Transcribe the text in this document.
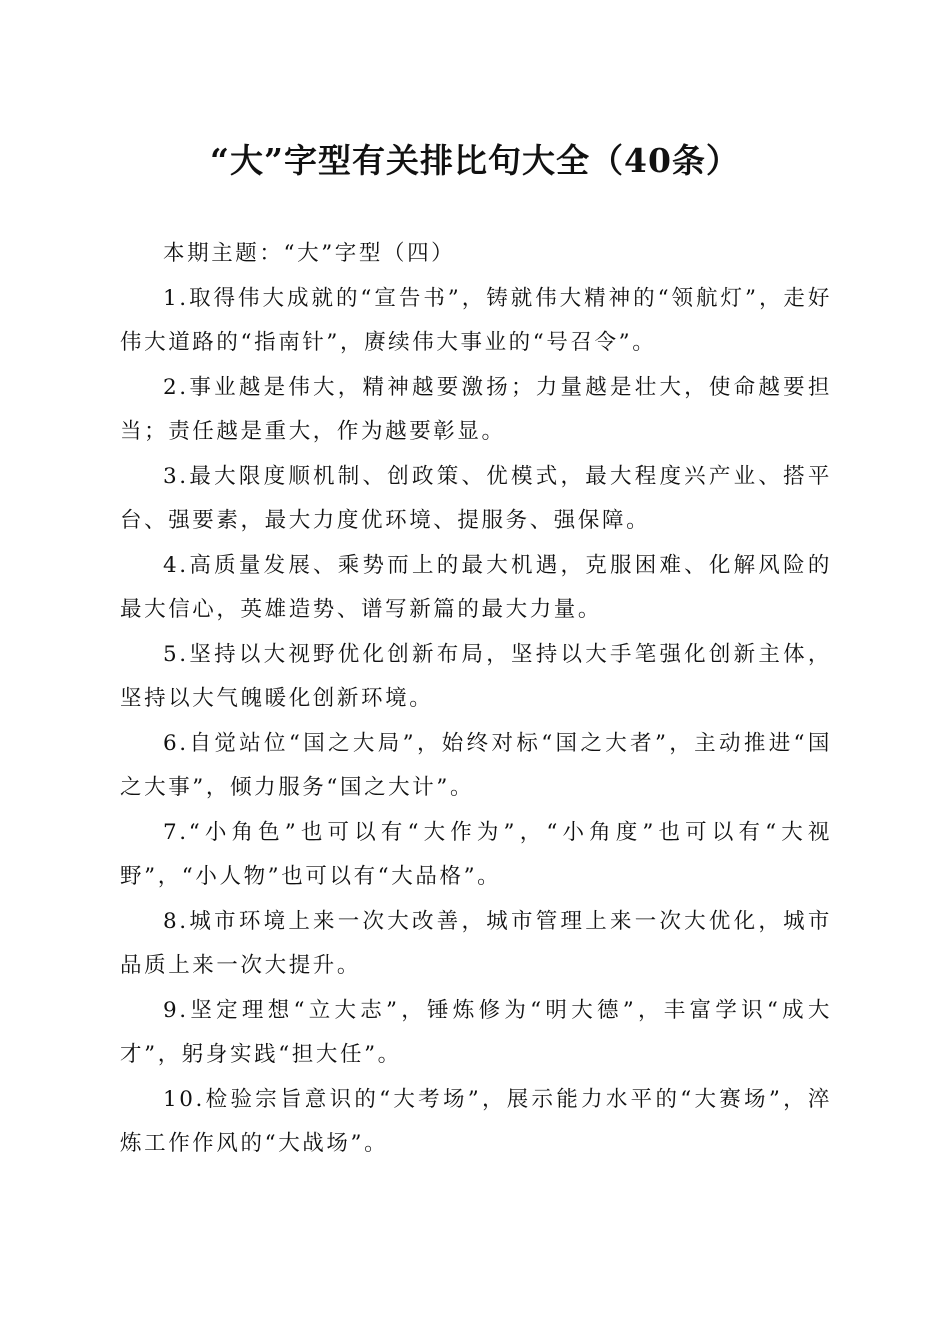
“大”字型有关排比句大全（40条）

本期主题：“大”字型（四）

1.取得伟大成就的“宣告书”，铸就伟大精神的“领航灯”，走好伟大道路的“指南针”，赓续伟大事业的“号召令”。

2.事业越是伟大，精神越要激扬；力量越是壮大，使命越要担当；责任越是重大，作为越要彰显。

3.最大限度顺机制、创政策、优模式，最大程度兴产业、搭平台、强要素，最大力度优环境、提服务、强保障。

4.高质量发展、乘势而上的最大机遇，克服困难、化解风险的最大信心，英雄造势、谱写新篇的最大力量。

5.坚持以大视野优化创新布局，坚持以大手笔强化创新主体，坚持以大气魄暖化创新环境。

6.自觉站位“国之大局”，始终对标“国之大者”，主动推进“国之大事”，倾力服务“国之大计”。

7.“小角色”也可以有“大作为”，“小角度”也可以有“大视野”，“小人物”也可以有“大品格”。

8.城市环境上来一次大改善，城市管理上来一次大优化，城市品质上来一次大提升。

9.坚定理想“立大志”，锤炼修为“明大德”，丰富学识“成大才”，躬身实践“担大任”。

10.检验宗旨意识的“大考场”，展示能力水平的“大赛场”，淬炼工作作风的“大战场”。
